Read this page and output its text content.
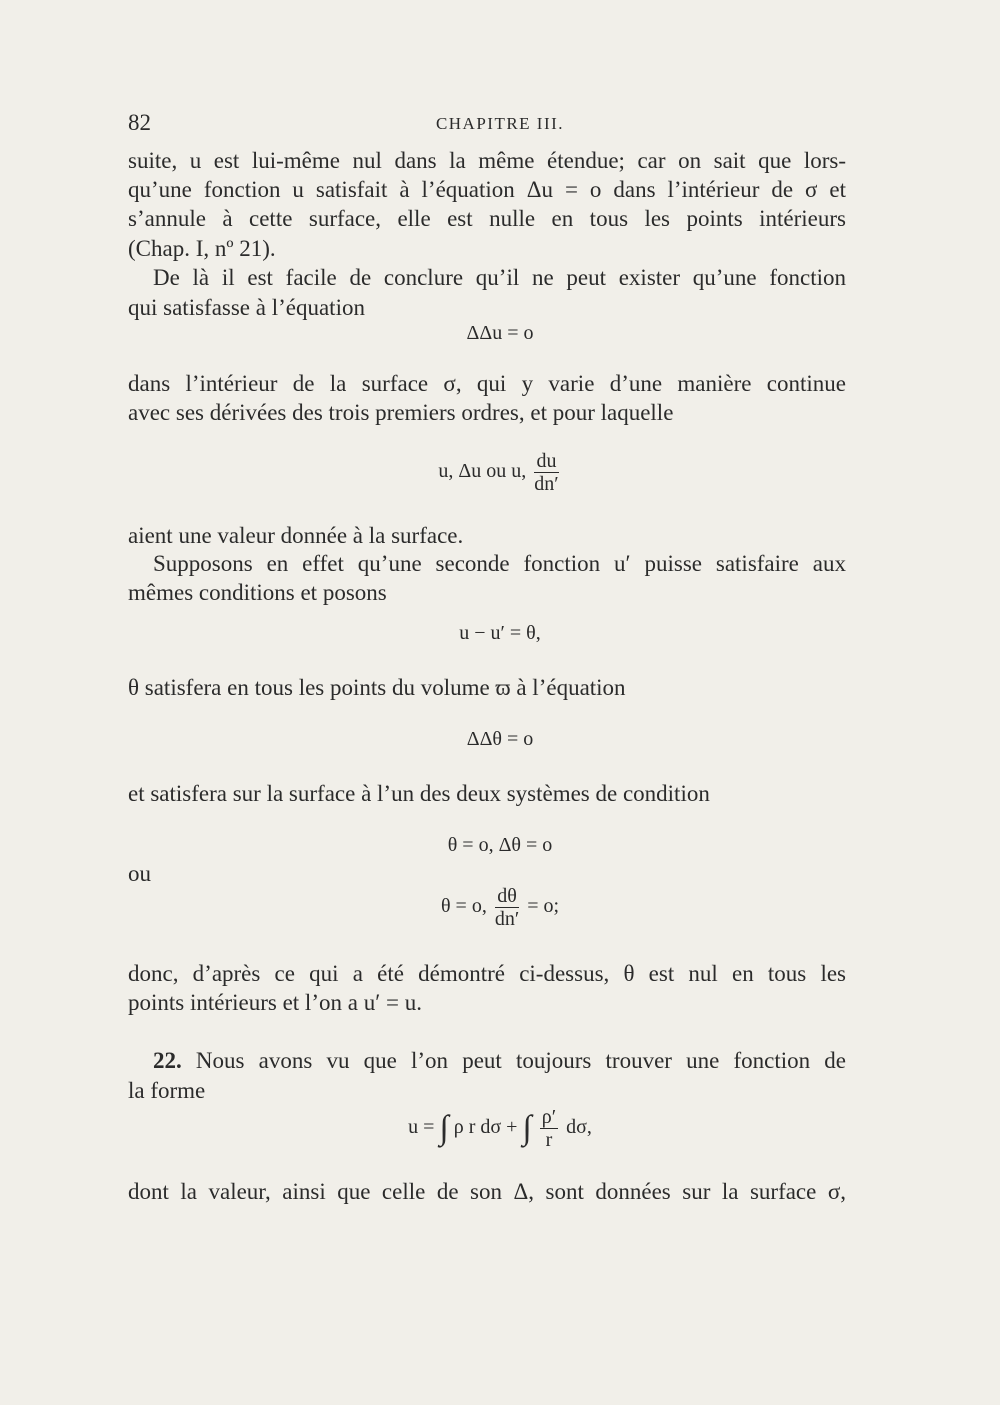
82	CHAPITRE III.
suite, u est lui-même nul dans la même étendue; car on sait que lors-
qu’une fonction u satisfait à l’équation Δu = o dans l’intérieur de σ et
s’annule à cette surface, elle est nulle en tous les points intérieurs
(Chap. I, nº 21).
De là il est facile de conclure qu’il ne peut exister qu’une fonction
qui satisfasse à l’équation
ΔΔu = o
dans l’intérieur de la surface σ, qui y varie d’une manière continue
avec ses dérivées des trois premiers ordres, et pour laquelle
u, Δu ou u, $\frac{du}{dn'}$
aient une valeur donnée à la surface.
Supposons en effet qu’une seconde fonction u′ puisse satisfaire aux
mêmes conditions et posons
u − u′ = θ,
θ satisfera en tous les points du volume ϖ à l’équation
ΔΔθ = o
et satisfera sur la surface à l’un des deux systèmes de condition
θ = o, Δθ = o
ou
θ = o, $\frac{d\theta}{dn'} = o$;
donc, d’après ce qui a été démontré ci-dessus, θ est nul en tous les
points intérieurs et l’on a u′ = u.
22. Nous avons vu que l’on peut toujours trouver une fonction de
la forme
u = ∫ ρ r dσ + ∫ $\frac{\rho'}{r} d\sigma$,
dont la valeur, ainsi que celle de son Δ, sont données sur la surface σ,
